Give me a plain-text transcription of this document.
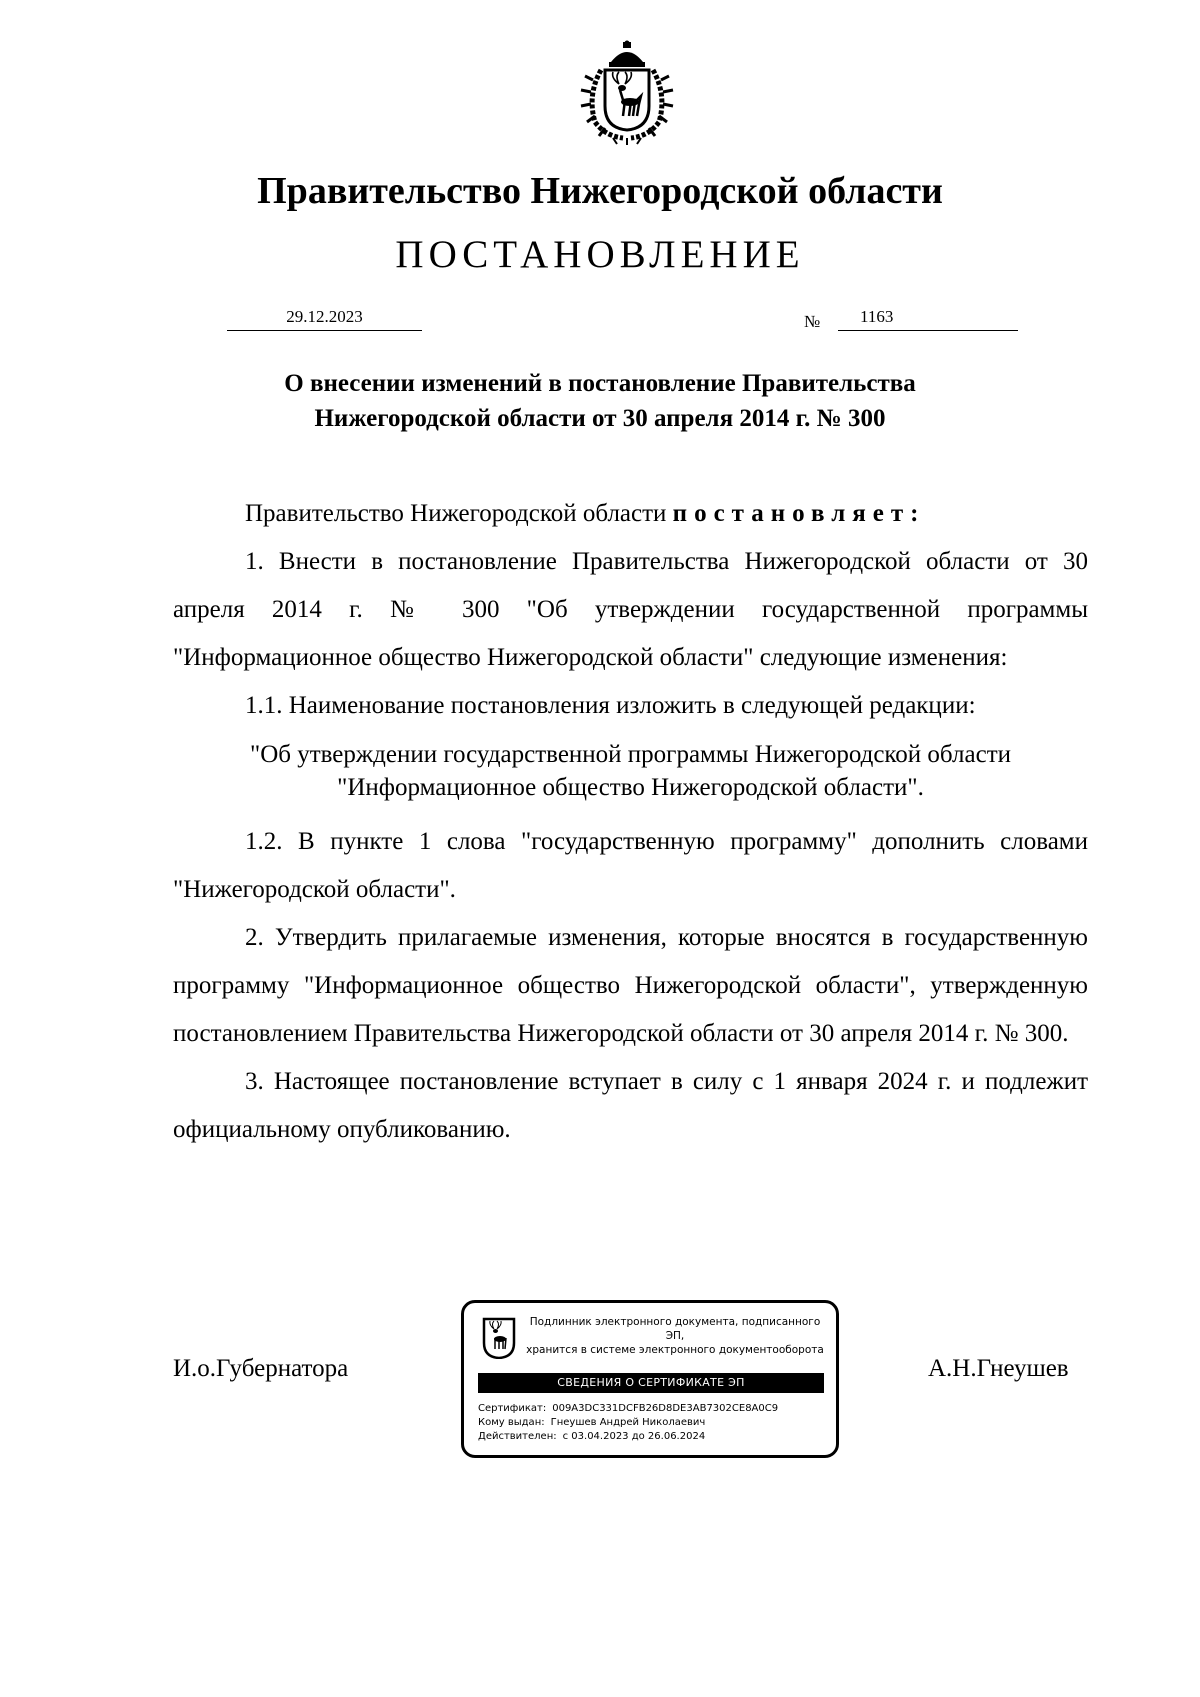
Правительство Нижегородской области
ПОСТАНОВЛЕНИЕ
29.12.2023	№ 1163
О внесении изменений в постановление Правительства
Нижегородской области от 30 апреля 2014 г. № 300

Правительство Нижегородской области постановляет:

1. Внести в постановление Правительства Нижегородской области от 30 апреля 2014 г. № 300 "Об утверждении государственной программы "Информационное общество Нижегородской области" следующие изменения:

1.1. Наименование постановления изложить в следующей редакции:

"Об утверждении государственной программы Нижегородской области
"Информационное общество Нижегородской области".

1.2. В пункте 1 слова "государственную программу" дополнить словами "Нижегородской области".

2. Утвердить прилагаемые изменения, которые вносятся в государственную программу "Информационное общество Нижегородской области", утвержденную постановлением Правительства Нижегородской области от 30 апреля 2014 г. № 300.

3. Настоящее постановление вступает в силу с 1 января 2024 г. и подлежит официальному опубликованию.

И.о.Губернатора	А.Н.Гнеушев
Подлинник электронного документа, подписанного ЭП,
хранится в системе электронного документооборота
СВЕДЕНИЯ О СЕРТИФИКАТЕ ЭП
Сертификат: 009A3DC331DCFB26D8DE3AB7302CE8A0C9
Кому выдан: Гнеушев Андрей Николаевич
Действителен: с 03.04.2023 до 26.06.2024
